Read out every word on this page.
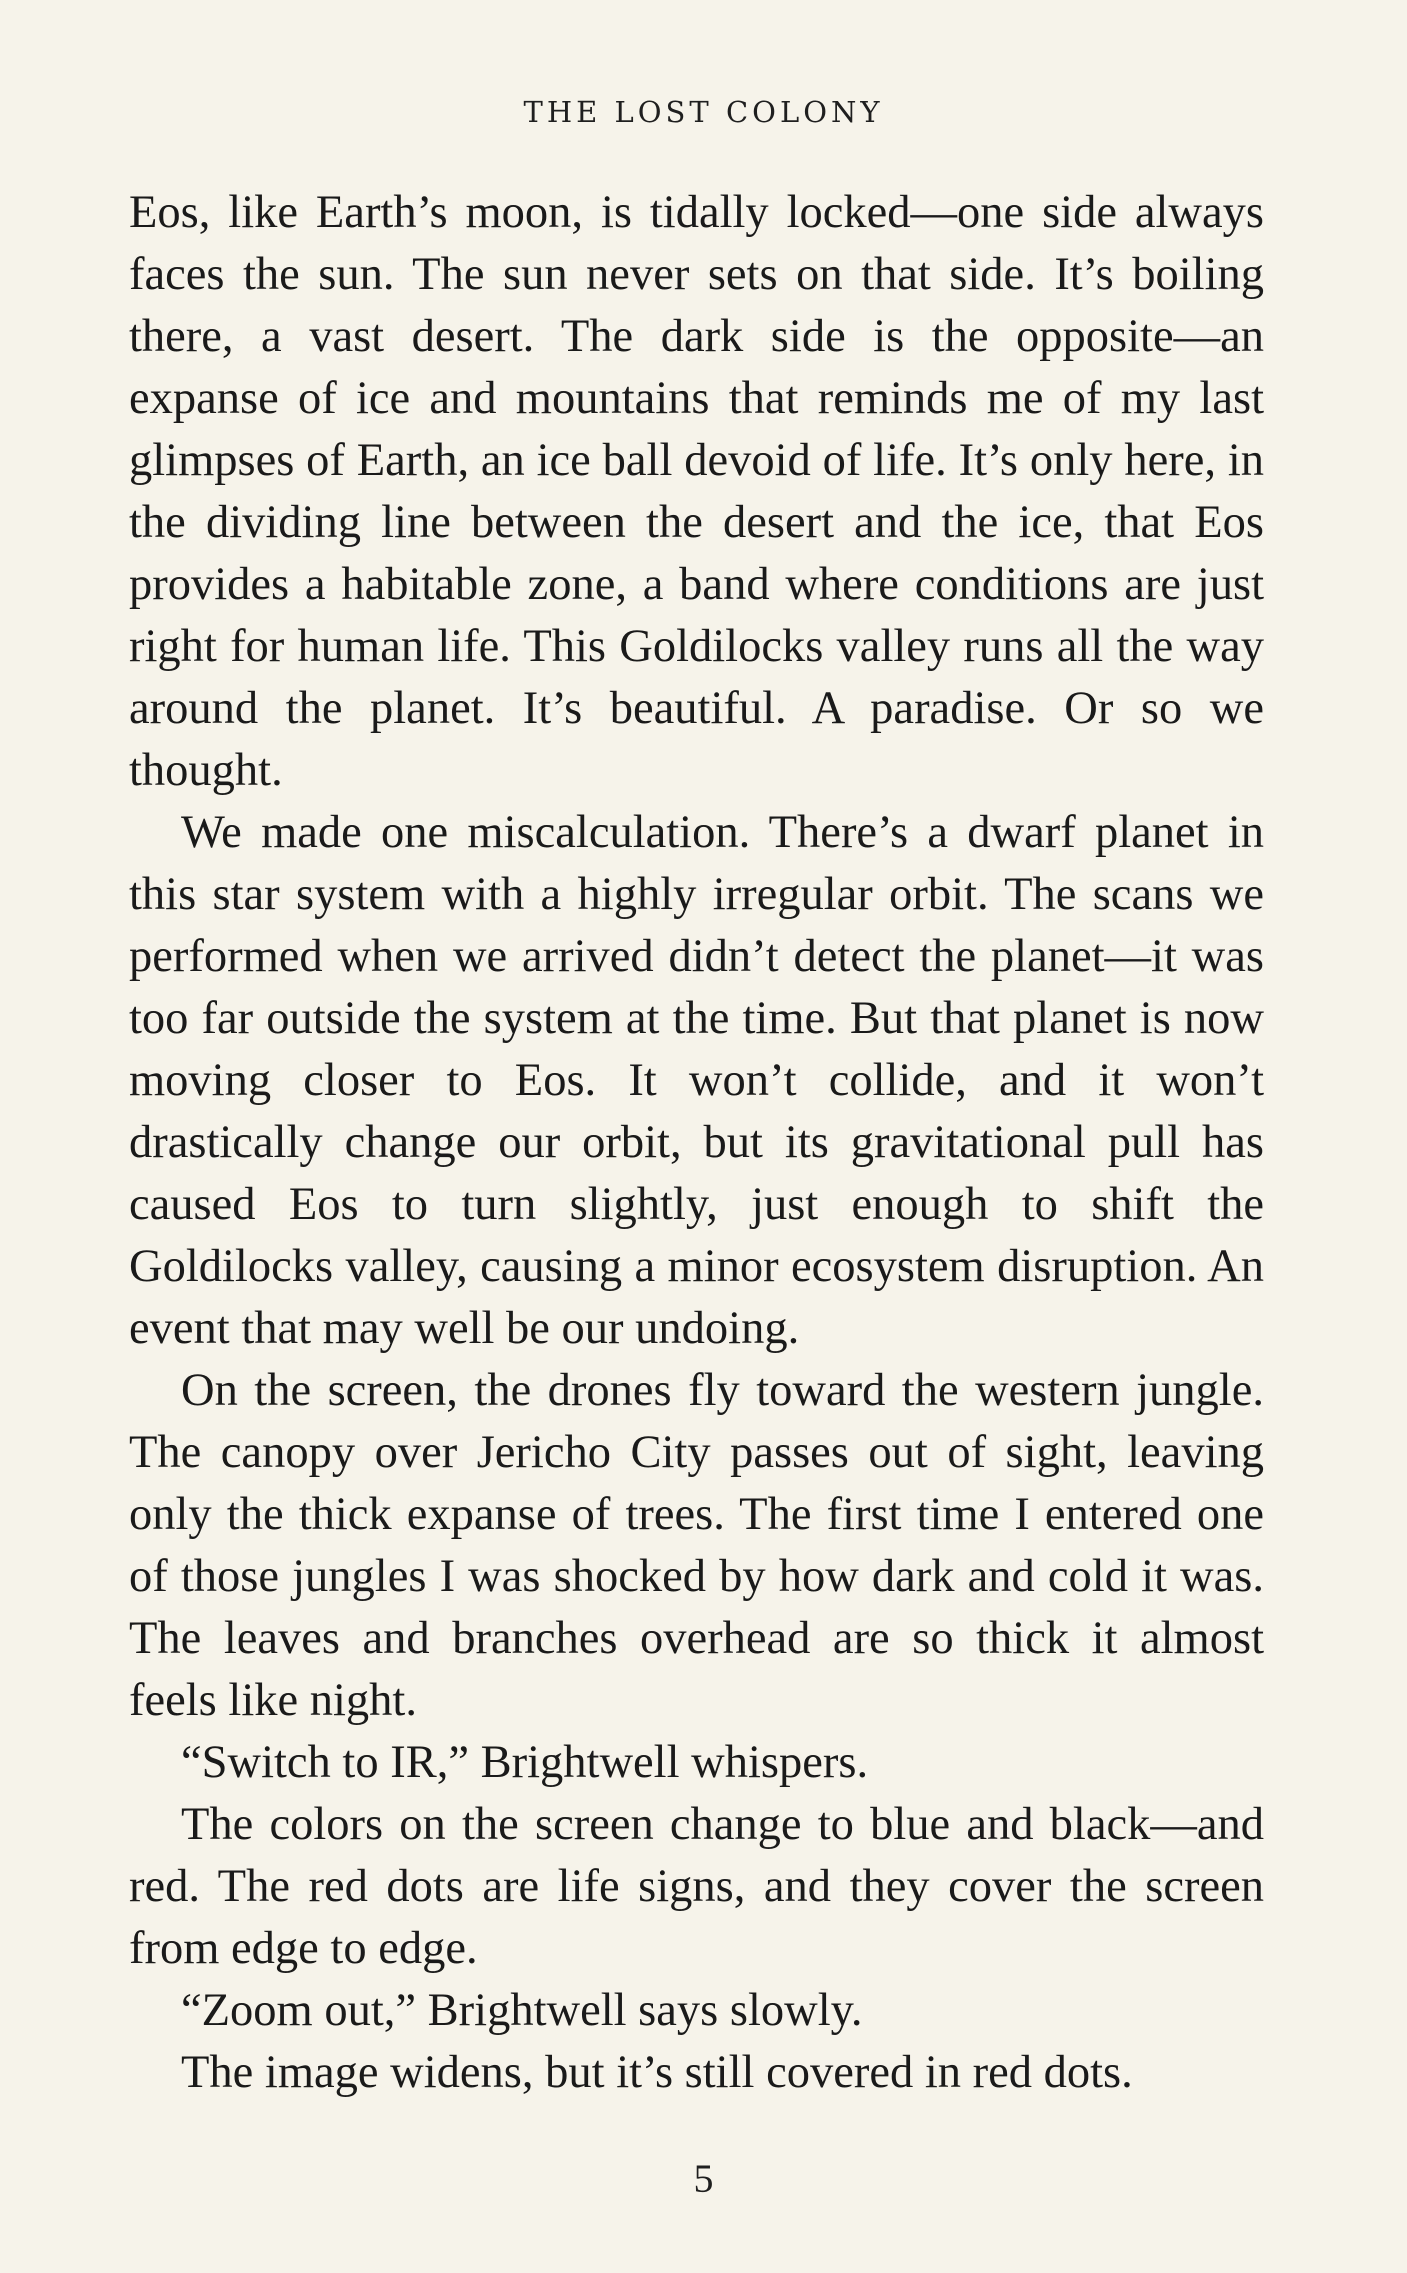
THE LOST COLONY

Eos, like Earth’s moon, is tidally locked—one side always faces the sun. The sun never sets on that side. It’s boiling there, a vast desert. The dark side is the opposite—an expanse of ice and mountains that reminds me of my last glimpses of Earth, an ice ball devoid of life. It’s only here, in the dividing line between the desert and the ice, that Eos provides a habitable zone, a band where conditions are just right for human life. This Goldilocks valley runs all the way around the planet. It’s beautiful. A paradise. Or so we thought.

We made one miscalculation. There’s a dwarf planet in this star system with a highly irregular orbit. The scans we performed when we arrived didn’t detect the planet—it was too far outside the system at the time. But that planet is now moving closer to Eos. It won’t collide, and it won’t drastically change our orbit, but its gravitational pull has caused Eos to turn slightly, just enough to shift the Goldilocks valley, causing a minor ecosystem disruption. An event that may well be our undoing.

On the screen, the drones fly toward the western jungle. The canopy over Jericho City passes out of sight, leaving only the thick expanse of trees. The first time I entered one of those jungles I was shocked by how dark and cold it was. The leaves and branches overhead are so thick it almost feels like night.

“Switch to IR,” Brightwell whispers.

The colors on the screen change to blue and black—and red. The red dots are life signs, and they cover the screen from edge to edge.

“Zoom out,” Brightwell says slowly.

The image widens, but it’s still covered in red dots.

5
